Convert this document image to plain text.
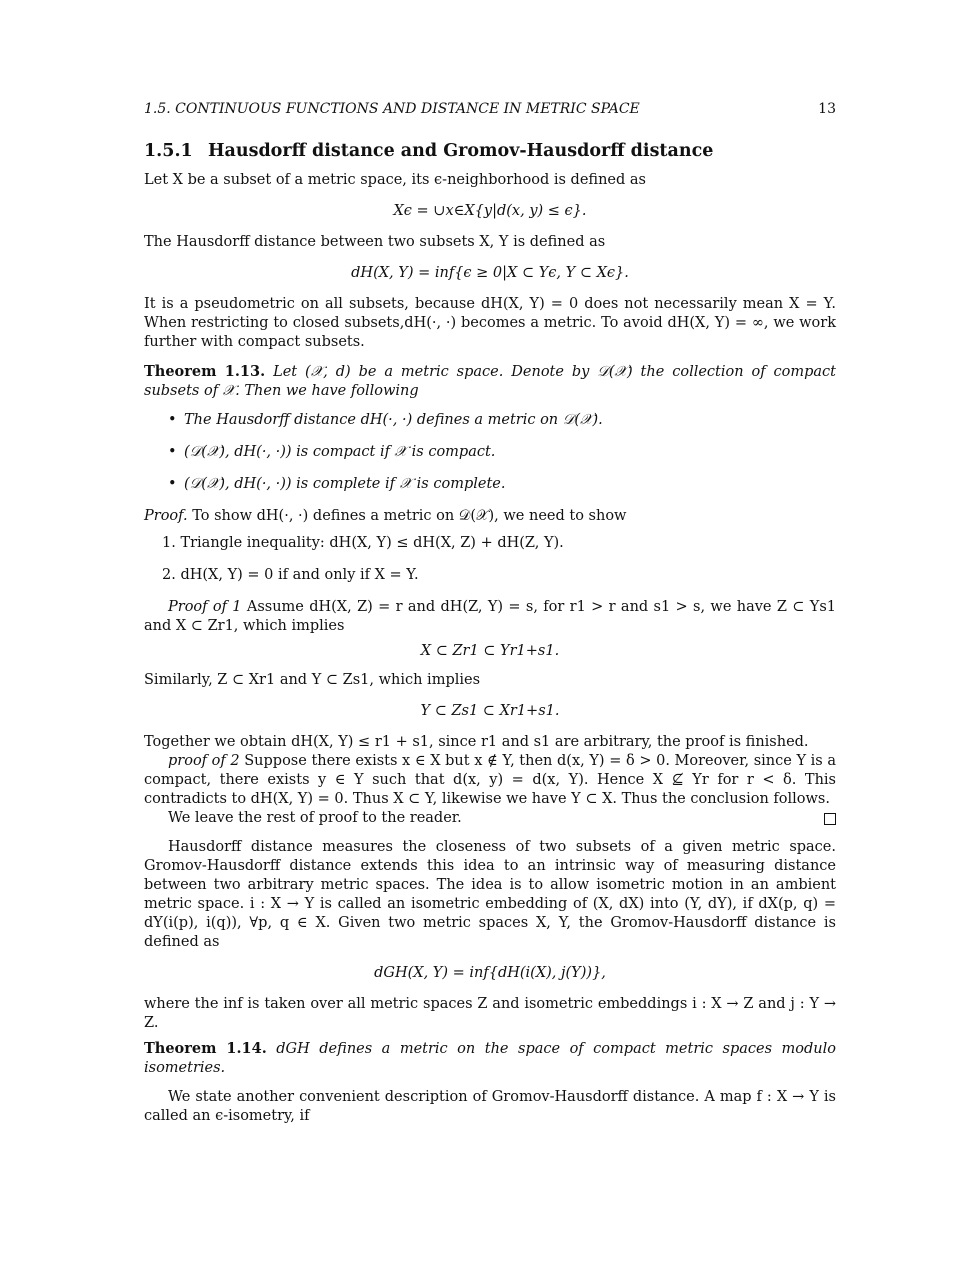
1.5. CONTINUOUS FUNCTIONS AND DISTANCE IN METRIC SPACE	13
1.5.1 Hausdorff distance and Gromov-Hausdorff distance

Let X be a subset of a metric space, its ϵ-neighborhood is defined as

Xϵ = ∪x∈X{y|d(x, y) ≤ ϵ}.

The Hausdorff distance between two subsets X, Y is defined as

dH(X, Y) = inf{ϵ ≥ 0|X ⊂ Yϵ, Y ⊂ Xϵ}.

It is a pseudometric on all subsets, because dH(X, Y) = 0 does not necessarily mean X = Y. When restricting to closed subsets,dH(·, ·) becomes a metric. To avoid dH(X, Y) = ∞, we work further with compact subsets.

Theorem 1.13. Let (𝒳, d) be a metric space. Denote by 𝒟(𝒳) the collection of compact subsets of 𝒳. Then we have following

• The Hausdorff distance dH(·, ·) defines a metric on 𝒟(𝒳).
• (𝒟(𝒳), dH(·, ·)) is compact if 𝒳 is compact.
• (𝒟(𝒳), dH(·, ·)) is complete if 𝒳 is complete.

Proof. To show dH(·, ·) defines a metric on 𝒟(𝒳), we need to show

1. Triangle inequality: dH(X, Y) ≤ dH(X, Z) + dH(Z, Y).
2. dH(X, Y) = 0 if and only if X = Y.

Proof of 1 Assume dH(X, Z) = r and dH(Z, Y) = s, for r1 > r and s1 > s, we have Z ⊂ Ys1 and X ⊂ Zr1, which implies

X ⊂ Zr1 ⊂ Yr1+s1.

Similarly, Z ⊂ Xr1 and Y ⊂ Zs1, which implies

Y ⊂ Zs1 ⊂ Xr1+s1.

Together we obtain dH(X, Y) ≤ r1 + s1, since r1 and s1 are arbitrary, the proof is finished.

proof of 2 Suppose there exists x ∈ X but x ∉ Y, then d(x, Y) = δ > 0. Moreover, since Y is a compact, there exists y ∈ Y such that d(x, y) = d(x, Y). Hence X ⊈ Yr for r < δ. This contradicts to dH(X, Y) = 0. Thus X ⊂ Y, likewise we have Y ⊂ X. Thus the conclusion follows.

We leave the rest of proof to the reader.

Hausdorff distance measures the closeness of two subsets of a given metric space. Gromov-Hausdorff distance extends this idea to an intrinsic way of measuring distance between two arbitrary metric spaces. The idea is to allow isometric motion in an ambient metric space. i : X → Y is called an isometric embedding of (X, dX) into (Y, dY), if dX(p, q) = dY(i(p), i(q)), ∀p, q ∈ X. Given two metric spaces X, Y, the Gromov-Hausdorff distance is defined as

dGH(X, Y) = inf{dH(i(X), j(Y))},

where the inf is taken over all metric spaces Z and isometric embeddings i : X → Z and j : Y → Z.

Theorem 1.14. dGH defines a metric on the space of compact metric spaces modulo isometries.

We state another convenient description of Gromov-Hausdorff distance. A map f : X → Y is called an ϵ-isometry, if
